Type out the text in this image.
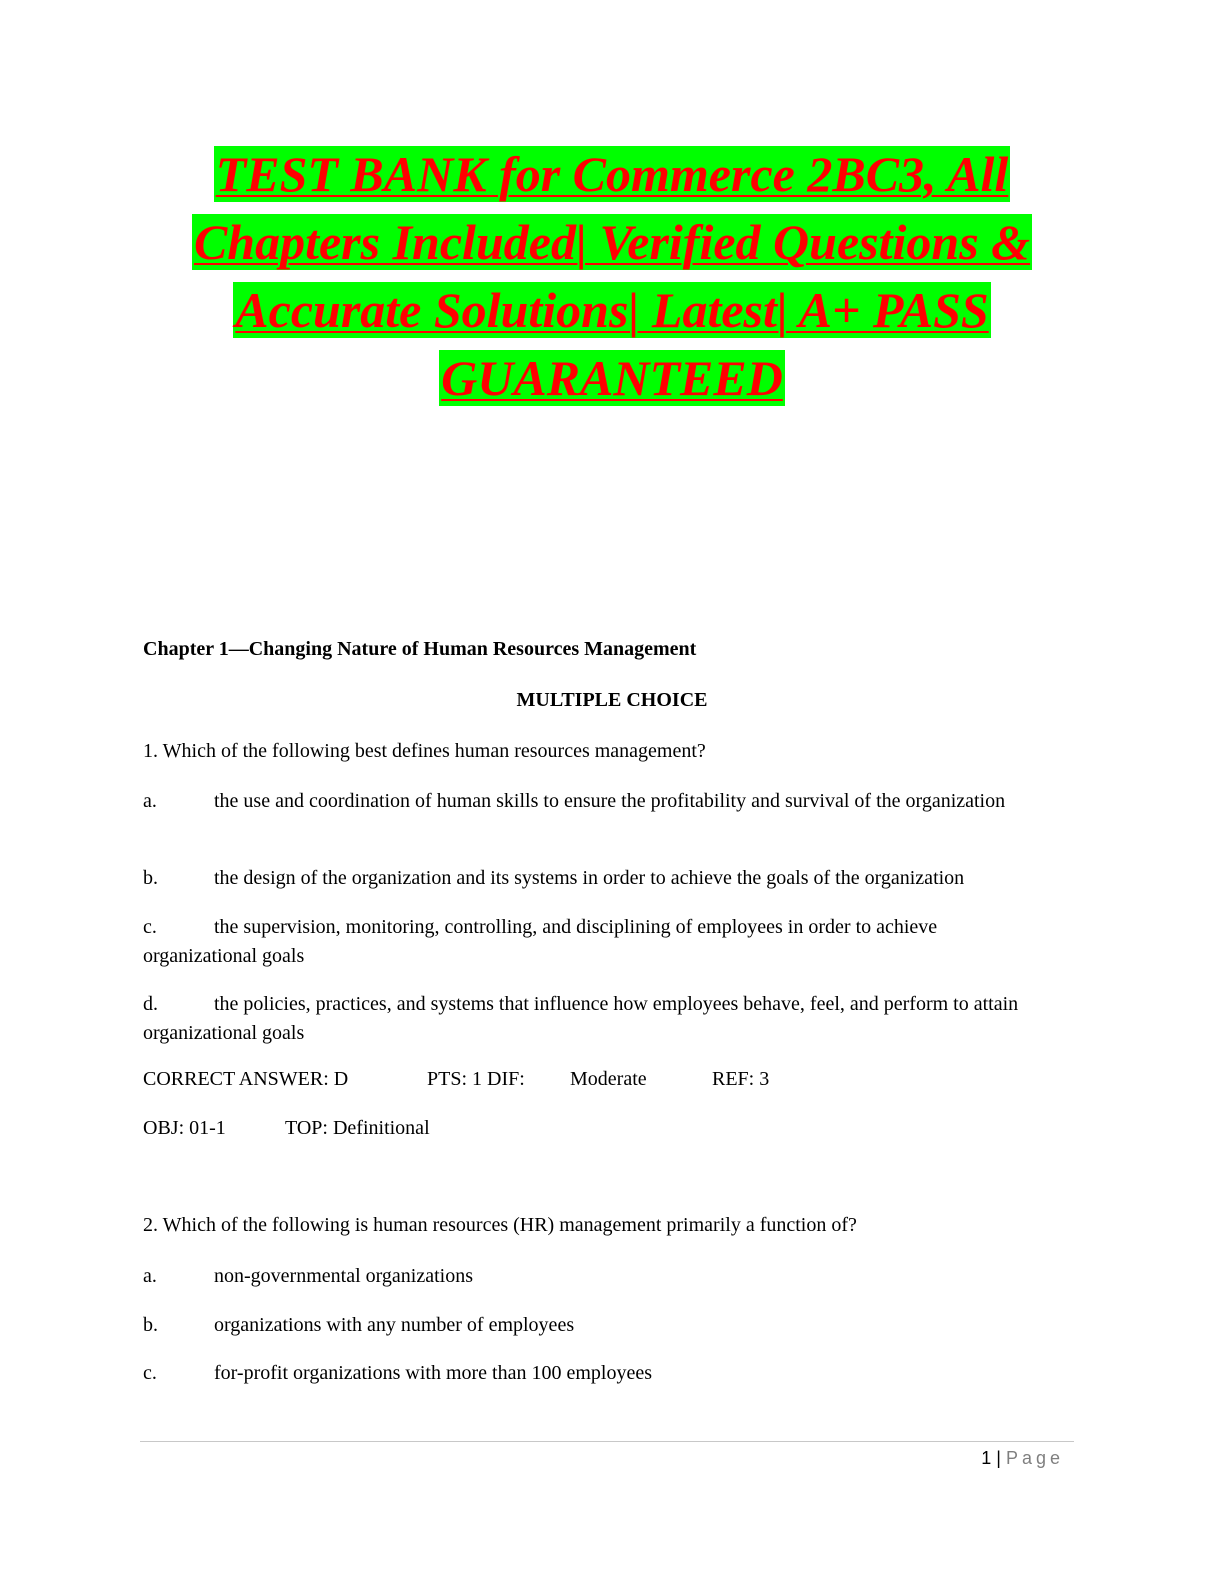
TEST BANK for Commerce 2BC3, All
Chapters Included| Verified Questions &
Accurate Solutions| Latest| A+ PASS
GUARANTEED
Chapter 1—Changing Nature of Human Resources Management
MULTIPLE CHOICE
1. Which of the following best defines human resources management?
a.	the use and coordination of human skills to ensure the profitability and survival of the organization
b.	the design of the organization and its systems in order to achieve the goals of the organization
c.	the supervision, monitoring, controlling, and disciplining of employees in order to achieve organizational goals
d.	the policies, practices, and systems that influence how employees behave, feel, and perform to attain organizational goals
CORRECT ANSWER: D	PTS: 1 DIF: Moderate	REF: 3
OBJ: 01-1	TOP: Definitional
2. Which of the following is human resources (HR) management primarily a function of?
a.	non-governmental organizations
b.	organizations with any number of employees
c.	for-profit organizations with more than 100 employees
1 | Page
